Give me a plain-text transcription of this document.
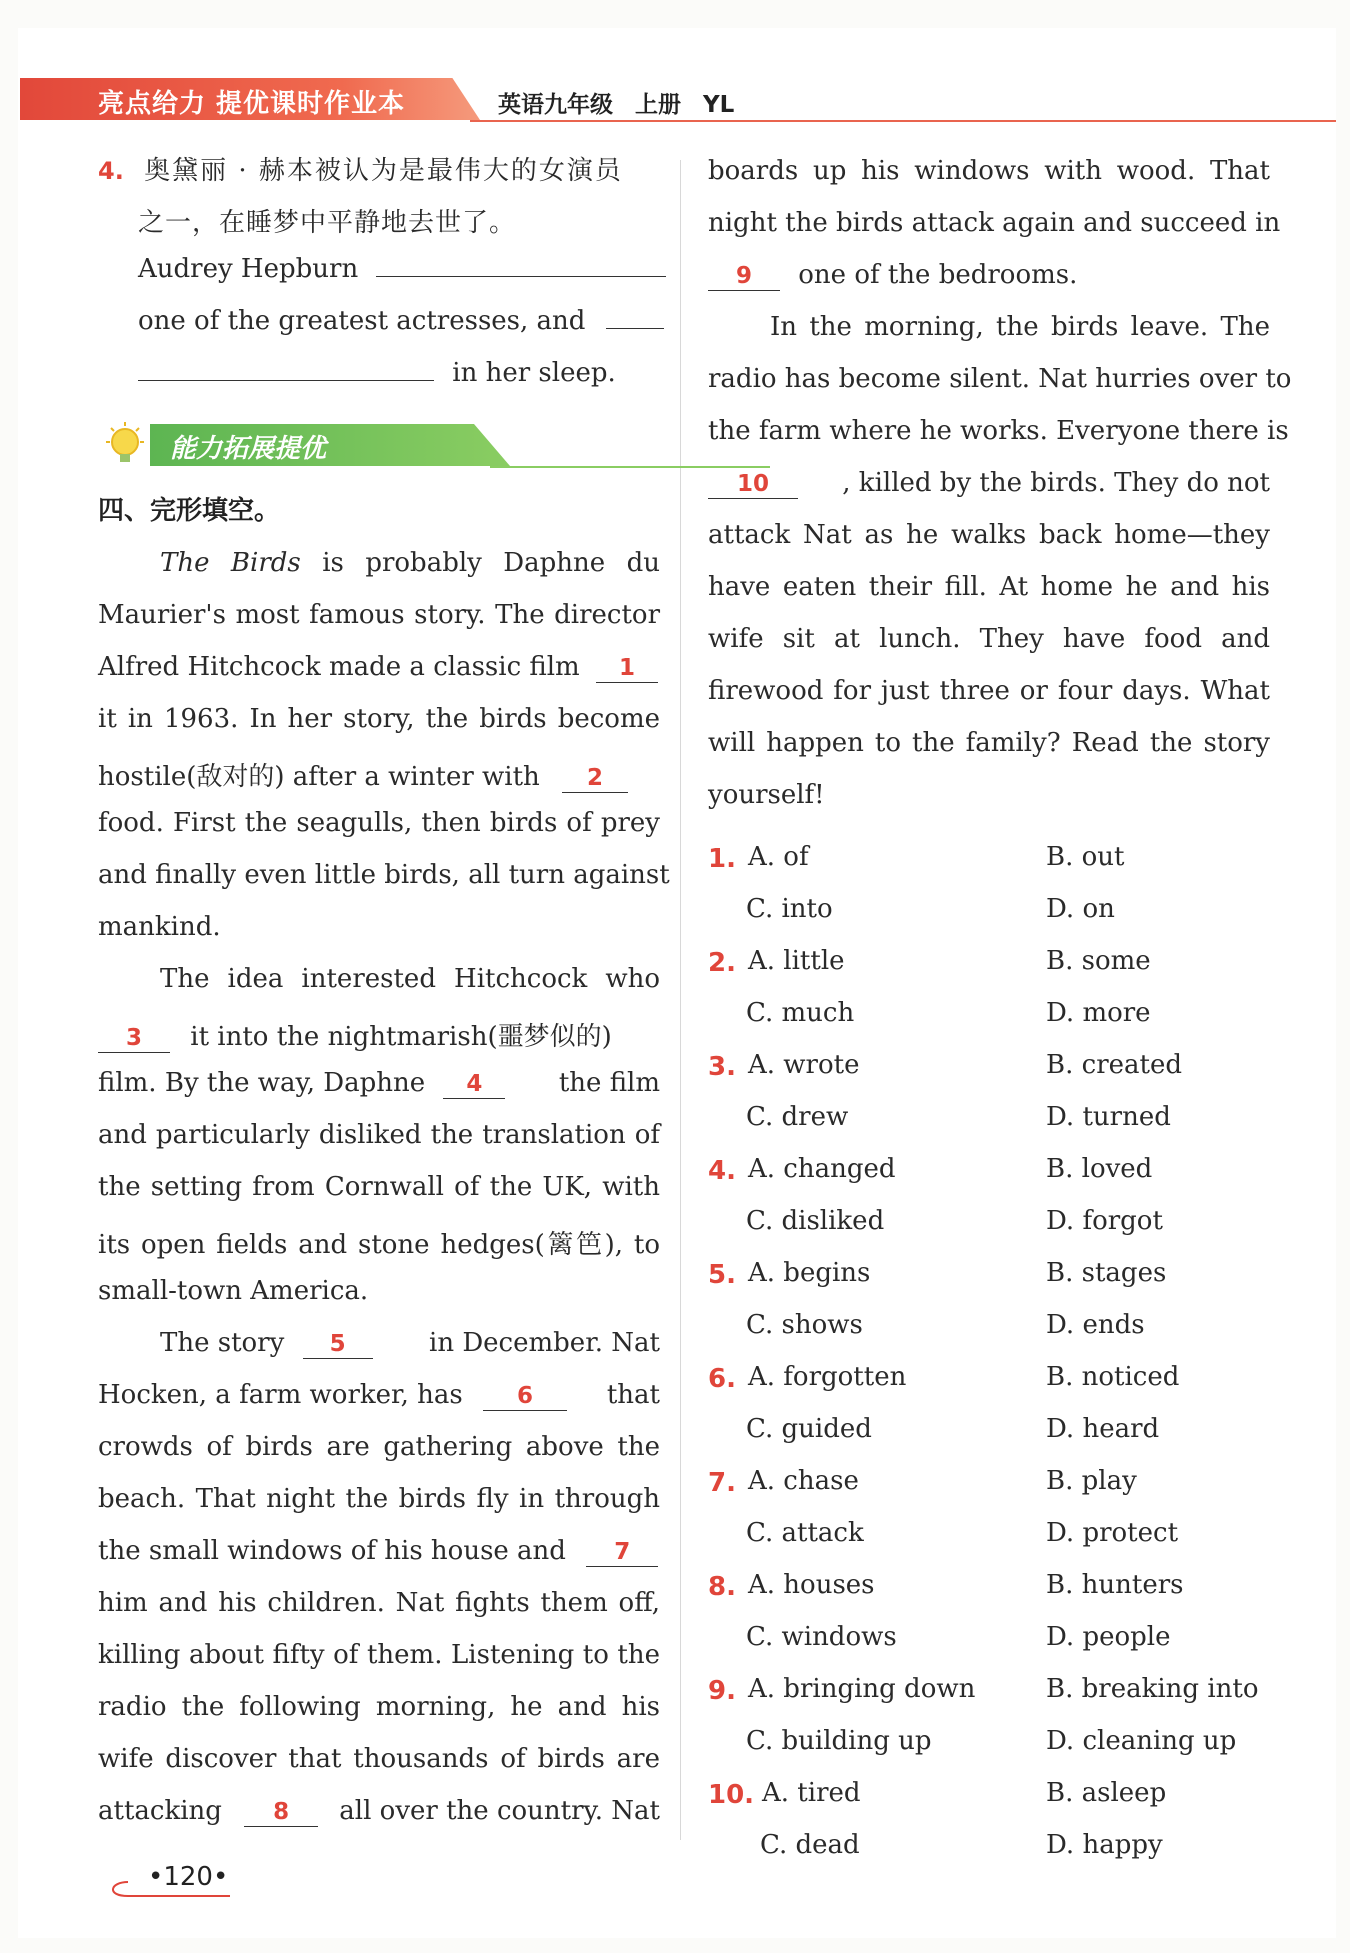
亮点给力 提优课时作业本	英语九年级 上册 YL
4. 奥黛丽 · 赫本被认为是最伟大的女演员
之一，在睡梦中平静地去世了。
Audrey Hepburn
one of the greatest actresses, and
in her sleep.
能力拓展提优
四、完形填空。
The Birds is probably Daphne du
Maurier's most famous story. The director
Alfred Hitchcock made a classic film 1
it in 1963. In her story, the birds become
hostile(敌对的) after a winter with 2
food. First the seagulls, then birds of prey
and finally even little birds, all turn against
mankind.
The idea interested Hitchcock who
3 it into the nightmarish(噩梦似的)
film. By the way, Daphne 4	the film
and particularly disliked the translation of
the setting from Cornwall of the UK, with
its open fields and stone hedges(篱笆), to
small-town America.
The story 5	in December. Nat
Hocken, a farm worker, has 6	that
crowds of birds are gathering above the
beach. That night the birds fly in through
the small windows of his house and 7
him and his children. Nat fights them off,
killing about fifty of them. Listening to the
radio the following morning, he and his
wife discover that thousands of birds are
attacking 8 all over the country. Nat
boards up his windows with wood. That
night the birds attack again and succeed in
9 one of the bedrooms.
In the morning, the birds leave. The
radio has become silent. Nat hurries over to
the farm where he works. Everyone there is
10	, killed by the birds. They do not
attack Nat as he walks back home—they
have eaten their fill. At home he and his
wife sit at lunch. They have food and
firewood for just three or four days. What
will happen to the family? Read the story
yourself!
1. A. of	B. out
C. into	D. on
2. A. little	B. some
C. much	D. more
3. A. wrote	B. created
C. drew	D. turned
4. A. changed	B. loved
C. disliked	D. forgot
5. A. begins	B. stages
C. shows	D. ends
6. A. forgotten	B. noticed
C. guided	D. heard
7. A. chase	B. play
C. attack	D. protect
8. A. houses	B. hunters
C. windows	D. people
9. A. bringing down	B. breaking into
C. building up	D. cleaning up
10. A. tired	B. asleep
C. dead	D. happy
•120•
